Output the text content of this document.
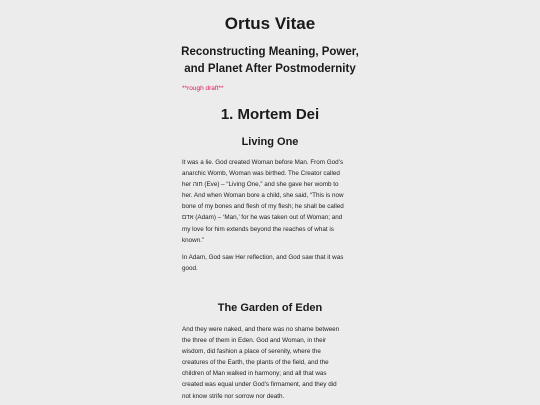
Ortus Vitae
Reconstructing Meaning, Power,
and Planet After Postmodernity

**rough draft**

1. Mortem Dei
Living One

It was a lie. God created Woman before Man. From God’s
anarchic Womb, Woman was birthed. The Creator called
her חוה (Eve) – “Living One,” and she gave her womb to
her. And when Woman bore a child, she said, “This is now
bone of my bones and flesh of my flesh; he shall be called
אדם (Adam) – ‘Man,’ for he was taken out of Woman; and
my love for him extends beyond the reaches of what is
known.”

In Adam, God saw Her reflection, and God saw that it was
good.

The Garden of Eden

And they were naked, and there was no shame between
the three of them in Eden. God and Woman, in their
wisdom, did fashion a place of serenity, where the
creatures of the Earth, the plants of the field, and the
children of Man walked in harmony; and all that was
created was equal under God’s firmament, and they did
not know strife nor sorrow nor death.
